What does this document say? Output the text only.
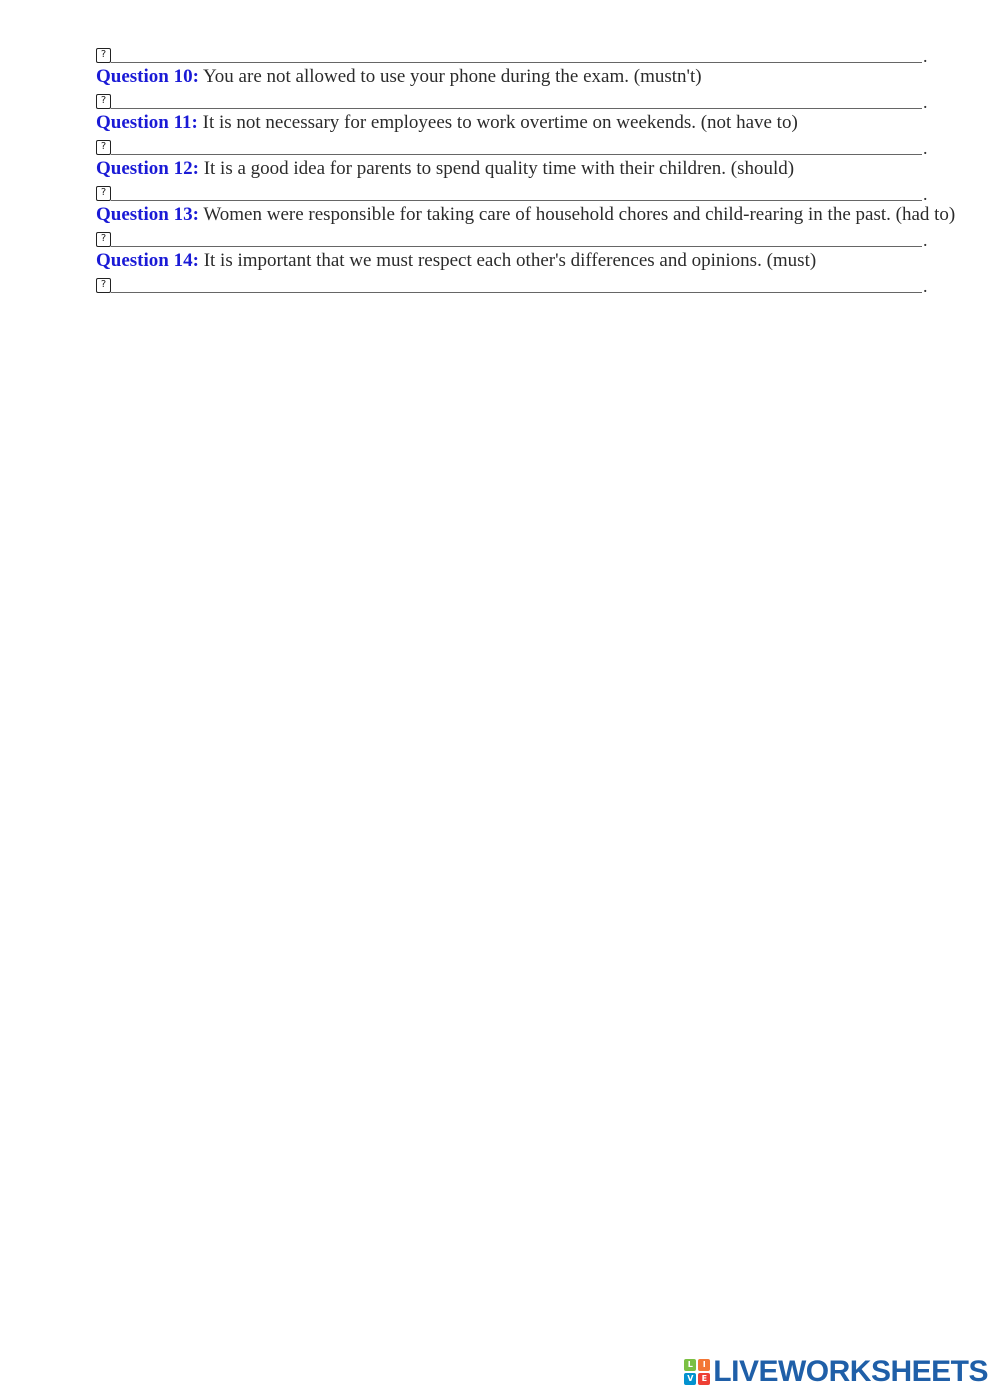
?	.

Question 10: You are not allowed to use your phone during the exam. (mustn't)

?	.

Question 11: It is not necessary for employees to work overtime on weekends. (not have to)

?	.

Question 12: It is a good idea for parents to spend quality time with their children. (should)

?	.

Question 13: Women were responsible for taking care of household chores and child-rearing in the past. (had to)

?	.

Question 14: It is important that we must respect each other's differences and opinions. (must)

?	.
L	I
V	E LIVEWORKSHEETS
